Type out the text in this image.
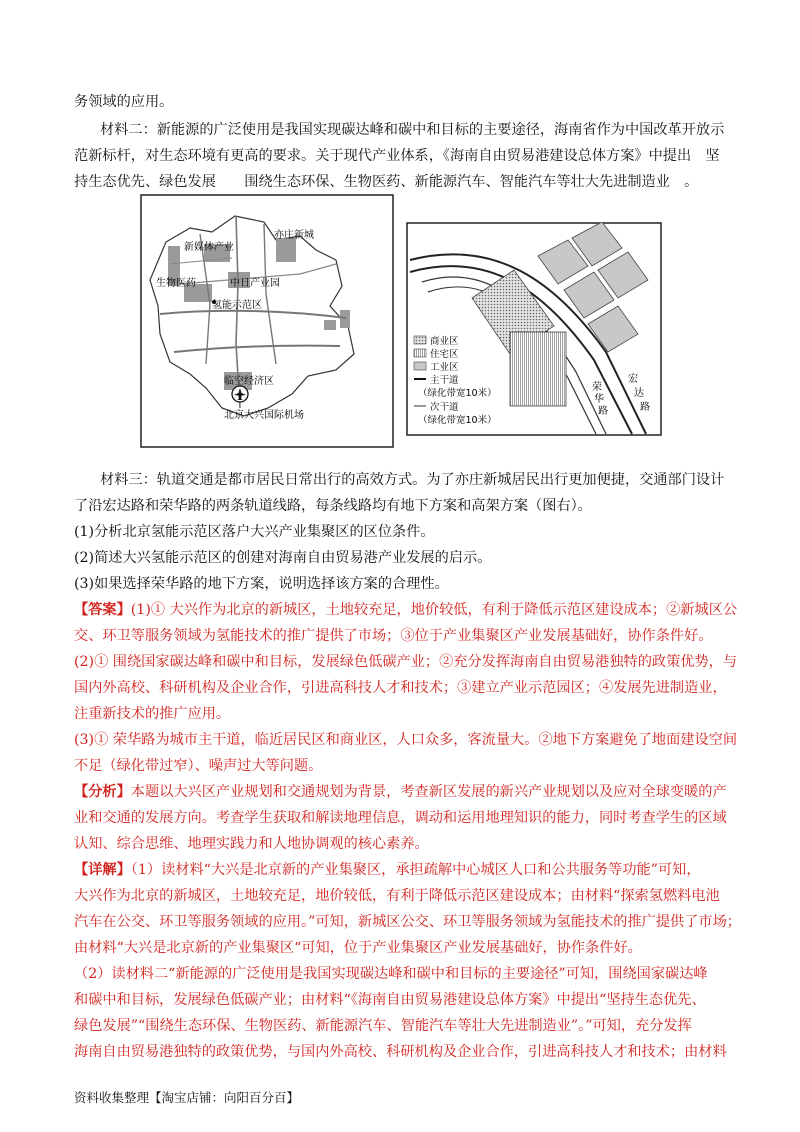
务领域的应用。
材料二：新能源的广泛使用是我国实现碳达峰和碳中和目标的主要途径，海南省作为中国改革开放示
范新标杆，对生态环境有更高的要求。关于现代产业体系，《海南自由贸易港建设总体方案》中提出　坚
持生态优先、绿色发展　　围绕生态环保、生物医药、新能源汽车、智能汽车等壮大先进制造业　。
亦庄新城
新媒体产业
生物医药	中日产业园
氢能示范区
临空经济区
北京大兴国际机场
商业区
住宅区
工业区
主干道
（绿化带宽10米）
次干道
（绿化带宽10米）
荣
华
路
宏
达
路
材料三：轨道交通是都市居民日常出行的高效方式。为了亦庄新城居民出行更加便捷，交通部门设计
了沿宏达路和荣华路的两条轨道线路，每条线路均有地下方案和高架方案（图右）。
(1)分析北京氢能示范区落户大兴产业集聚区的区位条件。
(2)简述大兴氢能示范区的创建对海南自由贸易港产业发展的启示。
(3)如果选择荣华路的地下方案，说明选择该方案的合理性。
【答案】(1)① 大兴作为北京的新城区，土地较充足，地价较低，有利于降低示范区建设成本；②新城区公
交、环卫等服务领域为氢能技术的推广提供了市场；③位于产业集聚区产业发展基础好，协作条件好。
(2)① 围绕国家碳达峰和碳中和目标，发展绿色低碳产业；②充分发挥海南自由贸易港独特的政策优势，与
国内外高校、科研机构及企业合作，引进高科技人才和技术；③建立产业示范园区；④发展先进制造业，
注重新技术的推广应用。
(3)① 荣华路为城市主干道，临近居民区和商业区，人口众多，客流量大。②地下方案避免了地面建设空间
不足（绿化带过窄）、噪声过大等问题。
【分析】本题以大兴区产业规划和交通规划为背景，考查新区发展的新兴产业规划以及应对全球变暖的产
业和交通的发展方向。考查学生获取和解读地理信息，调动和运用地理知识的能力，同时考查学生的区域
认知、综合思维、地理实践力和人地协调观的核心素养。
【详解】（1）读材料“大兴是北京新的产业集聚区，承担疏解中心城区人口和公共服务等功能”可知，
大兴作为北京的新城区，土地较充足，地价较低，有利于降低示范区建设成本；由材料“探索氢燃料电池
汽车在公交、环卫等服务领域的应用。”可知，新城区公交、环卫等服务领域为氢能技术的推广提供了市场；
由材料“大兴是北京新的产业集聚区“可知，位于产业集聚区产业发展基础好，协作条件好。
（2）读材料二“新能源的广泛使用是我国实现碳达峰和碳中和目标的主要途径”可知，围绕国家碳达峰
和碳中和目标，发展绿色低碳产业；由材料“《海南自由贸易港建设总体方案》中提出“坚持生态优先、
绿色发展”“围绕生态环保、生物医药、新能源汽车、智能汽车等壮大先进制造业”。”可知，充分发挥
海南自由贸易港独特的政策优势，与国内外高校、科研机构及企业合作，引进高科技人才和技术；由材料
资料收集整理【淘宝店铺：向阳百分百】
